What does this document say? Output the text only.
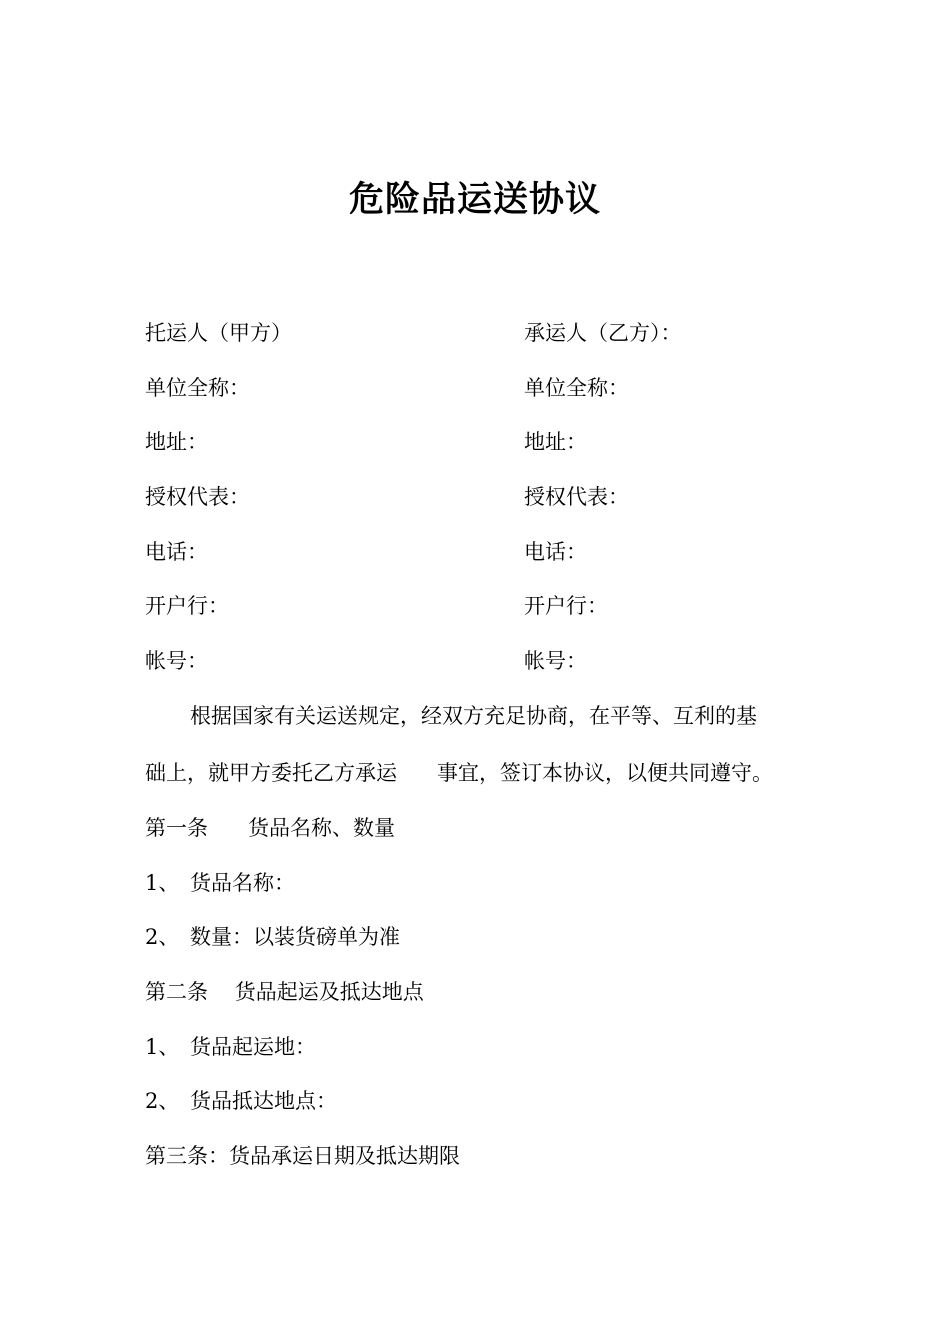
危险品运送协议
托运人（甲方）
单位全称：
地址：
授权代表：
电话：
开户行：
帐号：
承运人（乙方）：
单位全称：
地址：
授权代表：
电话：
开户行：
帐号：
根据国家有关运送规定，经双方充足协商，在平等、互利的基
础上，就甲方委托乙方承运      事宜，签订本协议，以便共同遵守。
第一条      货品名称、数量
1、 货品名称：
2、 数量：以装货磅单为准
第二条    货品起运及抵达地点
1、 货品起运地：
2、 货品抵达地点：
第三条：货品承运日期及抵达期限
